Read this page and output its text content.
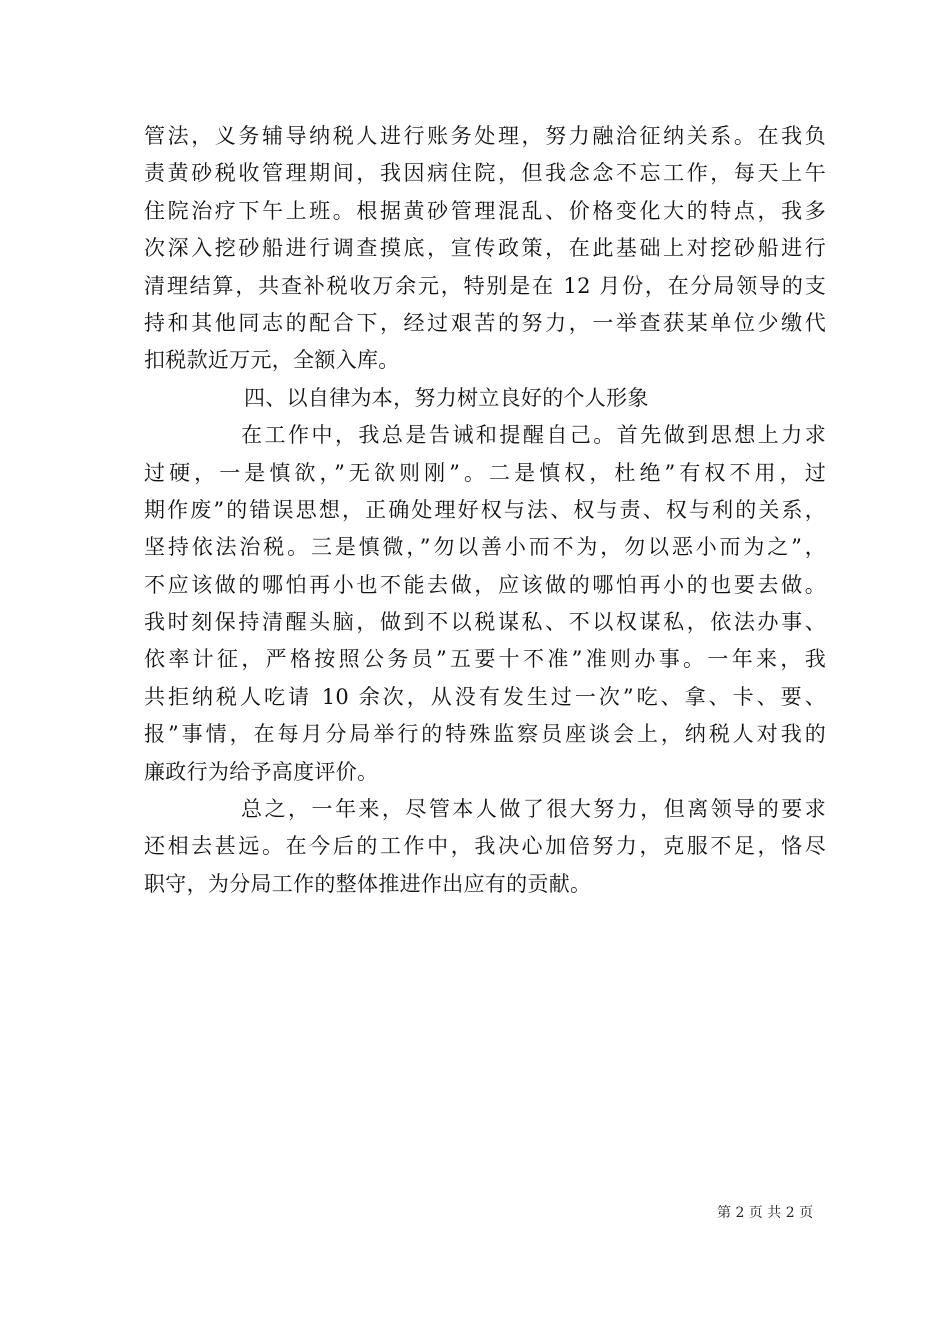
管法，义务辅导纳税人进行账务处理，努力融洽征纳关系。在我负
责黄砂税收管理期间，我因病住院，但我念念不忘工作，每天上午
住院治疗下午上班。根据黄砂管理混乱、价格变化大的特点，我多
次深入挖砂船进行调查摸底，宣传政策，在此基础上对挖砂船进行
清理结算，共查补税收万余元，特别是在 12 月份，在分局领导的支
持和其他同志的配合下，经过艰苦的努力，一举查获某单位少缴代
扣税款近万元，全额入库。
四、以自律为本，努力树立良好的个人形象
在工作中，我总是告诫和提醒自己。首先做到思想上力求
过硬，一是慎欲，”无欲则刚”。二是慎权，杜绝”有权不用，过
期作废”的错误思想，正确处理好权与法、权与责、权与利的关系，
坚持依法治税。三是慎微，”勿以善小而不为，勿以恶小而为之”，
不应该做的哪怕再小也不能去做，应该做的哪怕再小的也要去做。
我时刻保持清醒头脑，做到不以税谋私、不以权谋私，依法办事、
依率计征，严格按照公务员”五要十不准”准则办事。一年来，我
共拒纳税人吃请 10 余次，从没有发生过一次”吃、拿、卡、要、
报”事情，在每月分局举行的特殊监察员座谈会上，纳税人对我的
廉政行为给予高度评价。
总之，一年来，尽管本人做了很大努力，但离领导的要求
还相去甚远。在今后的工作中，我决心加倍努力，克服不足，恪尽
职守，为分局工作的整体推进作出应有的贡献。
第 2 页 共 2 页
